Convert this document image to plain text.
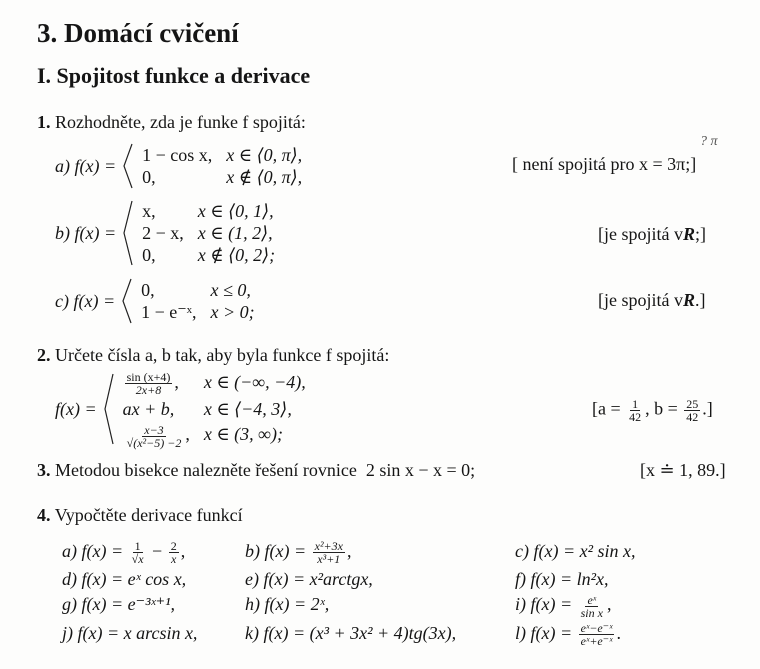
3. Domácí cvičení
I. Spojitost funkce a derivace
? π
1. Rozhodněte, zda je funke f spojitá:
a)
f(x) =
1 − cos x, x ∈ ⟨0, π⟩,
0,	x ∉ ⟨0, π⟩,
[ není spojitá pro x = 3π;]
b)
f(x) =
x,	x ∈ ⟨0, 1⟩,
2 − x, x ∈ (1, 2⟩,
0,	x ∉ ⟨0, 2⟩;
[je spojitá vR;]
c)
f(x) =
0,	x ≤ 0,
1 − e⁻ˣ, x > 0;
[je spojitá vR.]
2. Určete čísla a, b tak, aby byla funkce f spojitá:
f(x) =
$\frac{\sin (x+4)}{2x+8}$ ,	x ∈ (−∞, −4),
ax + b,	x ∈ ⟨−4, 3⟩,
$\frac{x-3}{\text{√(x²−5) −2}}$ , x ∈ (3, ∞);
[$a = \frac{1}{42}$ , $b = \frac{25}{42}$ .]
3. Metodou bisekce nalezněte řešení rovnice 2 sin x − x = 0;	[x ≐ 1, 89.]
4. Vypočtěte derivace funkcí
a) $f(x) = \frac{1}{√x} - \frac{2}{x}$ ,	b) $f(x) = \frac{\text{x²+3x}}{\text{x³+1}}$ ,	c) f(x) = x² sin x,
d) f(x) = eˣ cos x,	e) f(x) = x²arctgx,	f) f(x) = ln²x,
g) f(x) = e⁻³ˣ⁺¹,	h) f(x) = 2ˣ,	i) $f(x) = \frac{\text{eˣ}}{\text{sin x}}$ ,
j) f(x) = x arcsin x,	k) f(x) = (x³ + 3x² + 4)tg(3x),	l) $f(x) = \frac{\text{eˣ−e⁻ˣ}}{\text{eˣ+e⁻ˣ}}$ .
